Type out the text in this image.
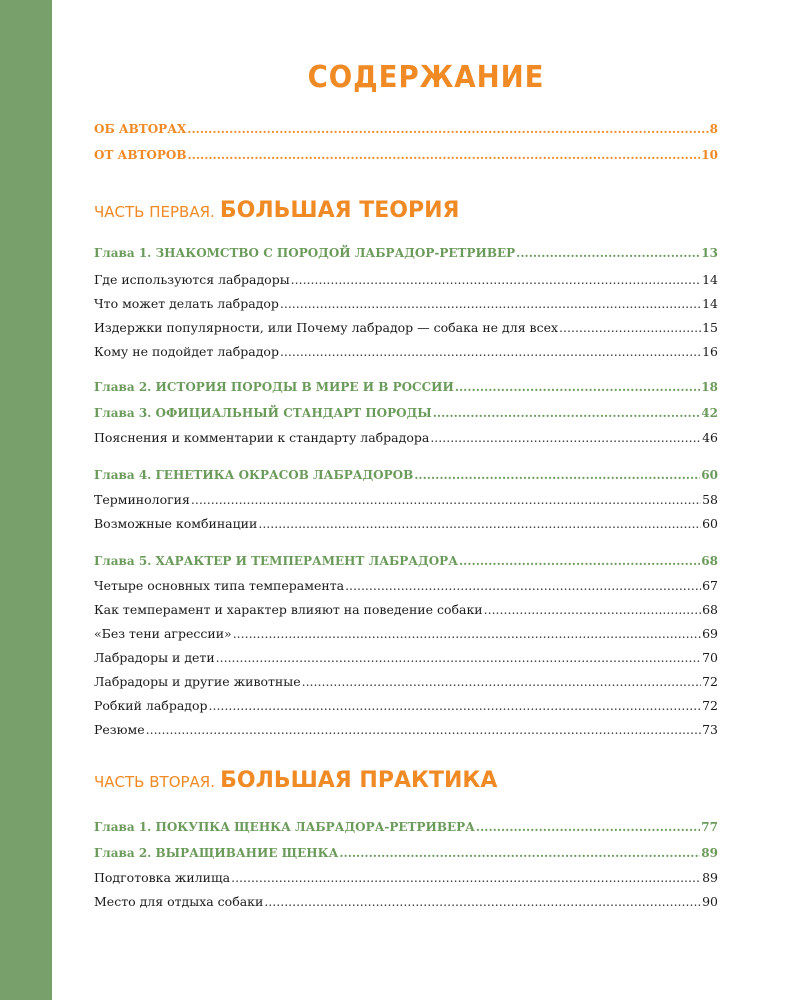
СОДЕРЖАНИЕ
ОБ АВТОРАХ .....	8
ОТ АВТОРОВ .....	10
ЧАСТЬ ПЕРВАЯ. БОЛЬШАЯ ТЕОРИЯ
Глава 1. ЗНАКОМСТВО С ПОРОДОЙ ЛАБРАДОР-РЕТРИВЕР .....	13
Где используются лабрадоры .....	14
Что может делать лабрадор .....	14
Издержки популярности, или Почему лабрадор — собака не для всех .....	15
Кому не подойдет лабрадор .....	16
Глава 2. ИСТОРИЯ ПОРОДЫ В МИРЕ И В РОССИИ .....	18
Глава 3. ОФИЦИАЛЬНЫЙ СТАНДАРТ ПОРОДЫ .....	42
Пояснения и комментарии к стандарту лабрадора .....	46
Глава 4. ГЕНЕТИКА ОКРАСОВ ЛАБРАДОРОВ .....	60
Терминология .....	58
Возможные комбинации .....	60
Глава 5. ХАРАКТЕР И ТЕМПЕРАМЕНТ ЛАБРАДОРА .....	68
Четыре основных типа темперамента .....	67
Как темперамент и характер влияют на поведение собаки .....	68
«Без тени агрессии» .....	69
Лабрадоры и дети .....	70
Лабрадоры и другие животные .....	72
Робкий лабрадор .....	72
Резюме .....	73
ЧАСТЬ ВТОРАЯ. БОЛЬШАЯ ПРАКТИКА
Глава 1. ПОКУПКА ЩЕНКА ЛАБРАДОРА-РЕТРИВЕРА .....	77
Глава 2. ВЫРАЩИВАНИЕ ЩЕНКА .....	89
Подготовка жилища .....	89
Место для отдыха собаки .....	90
